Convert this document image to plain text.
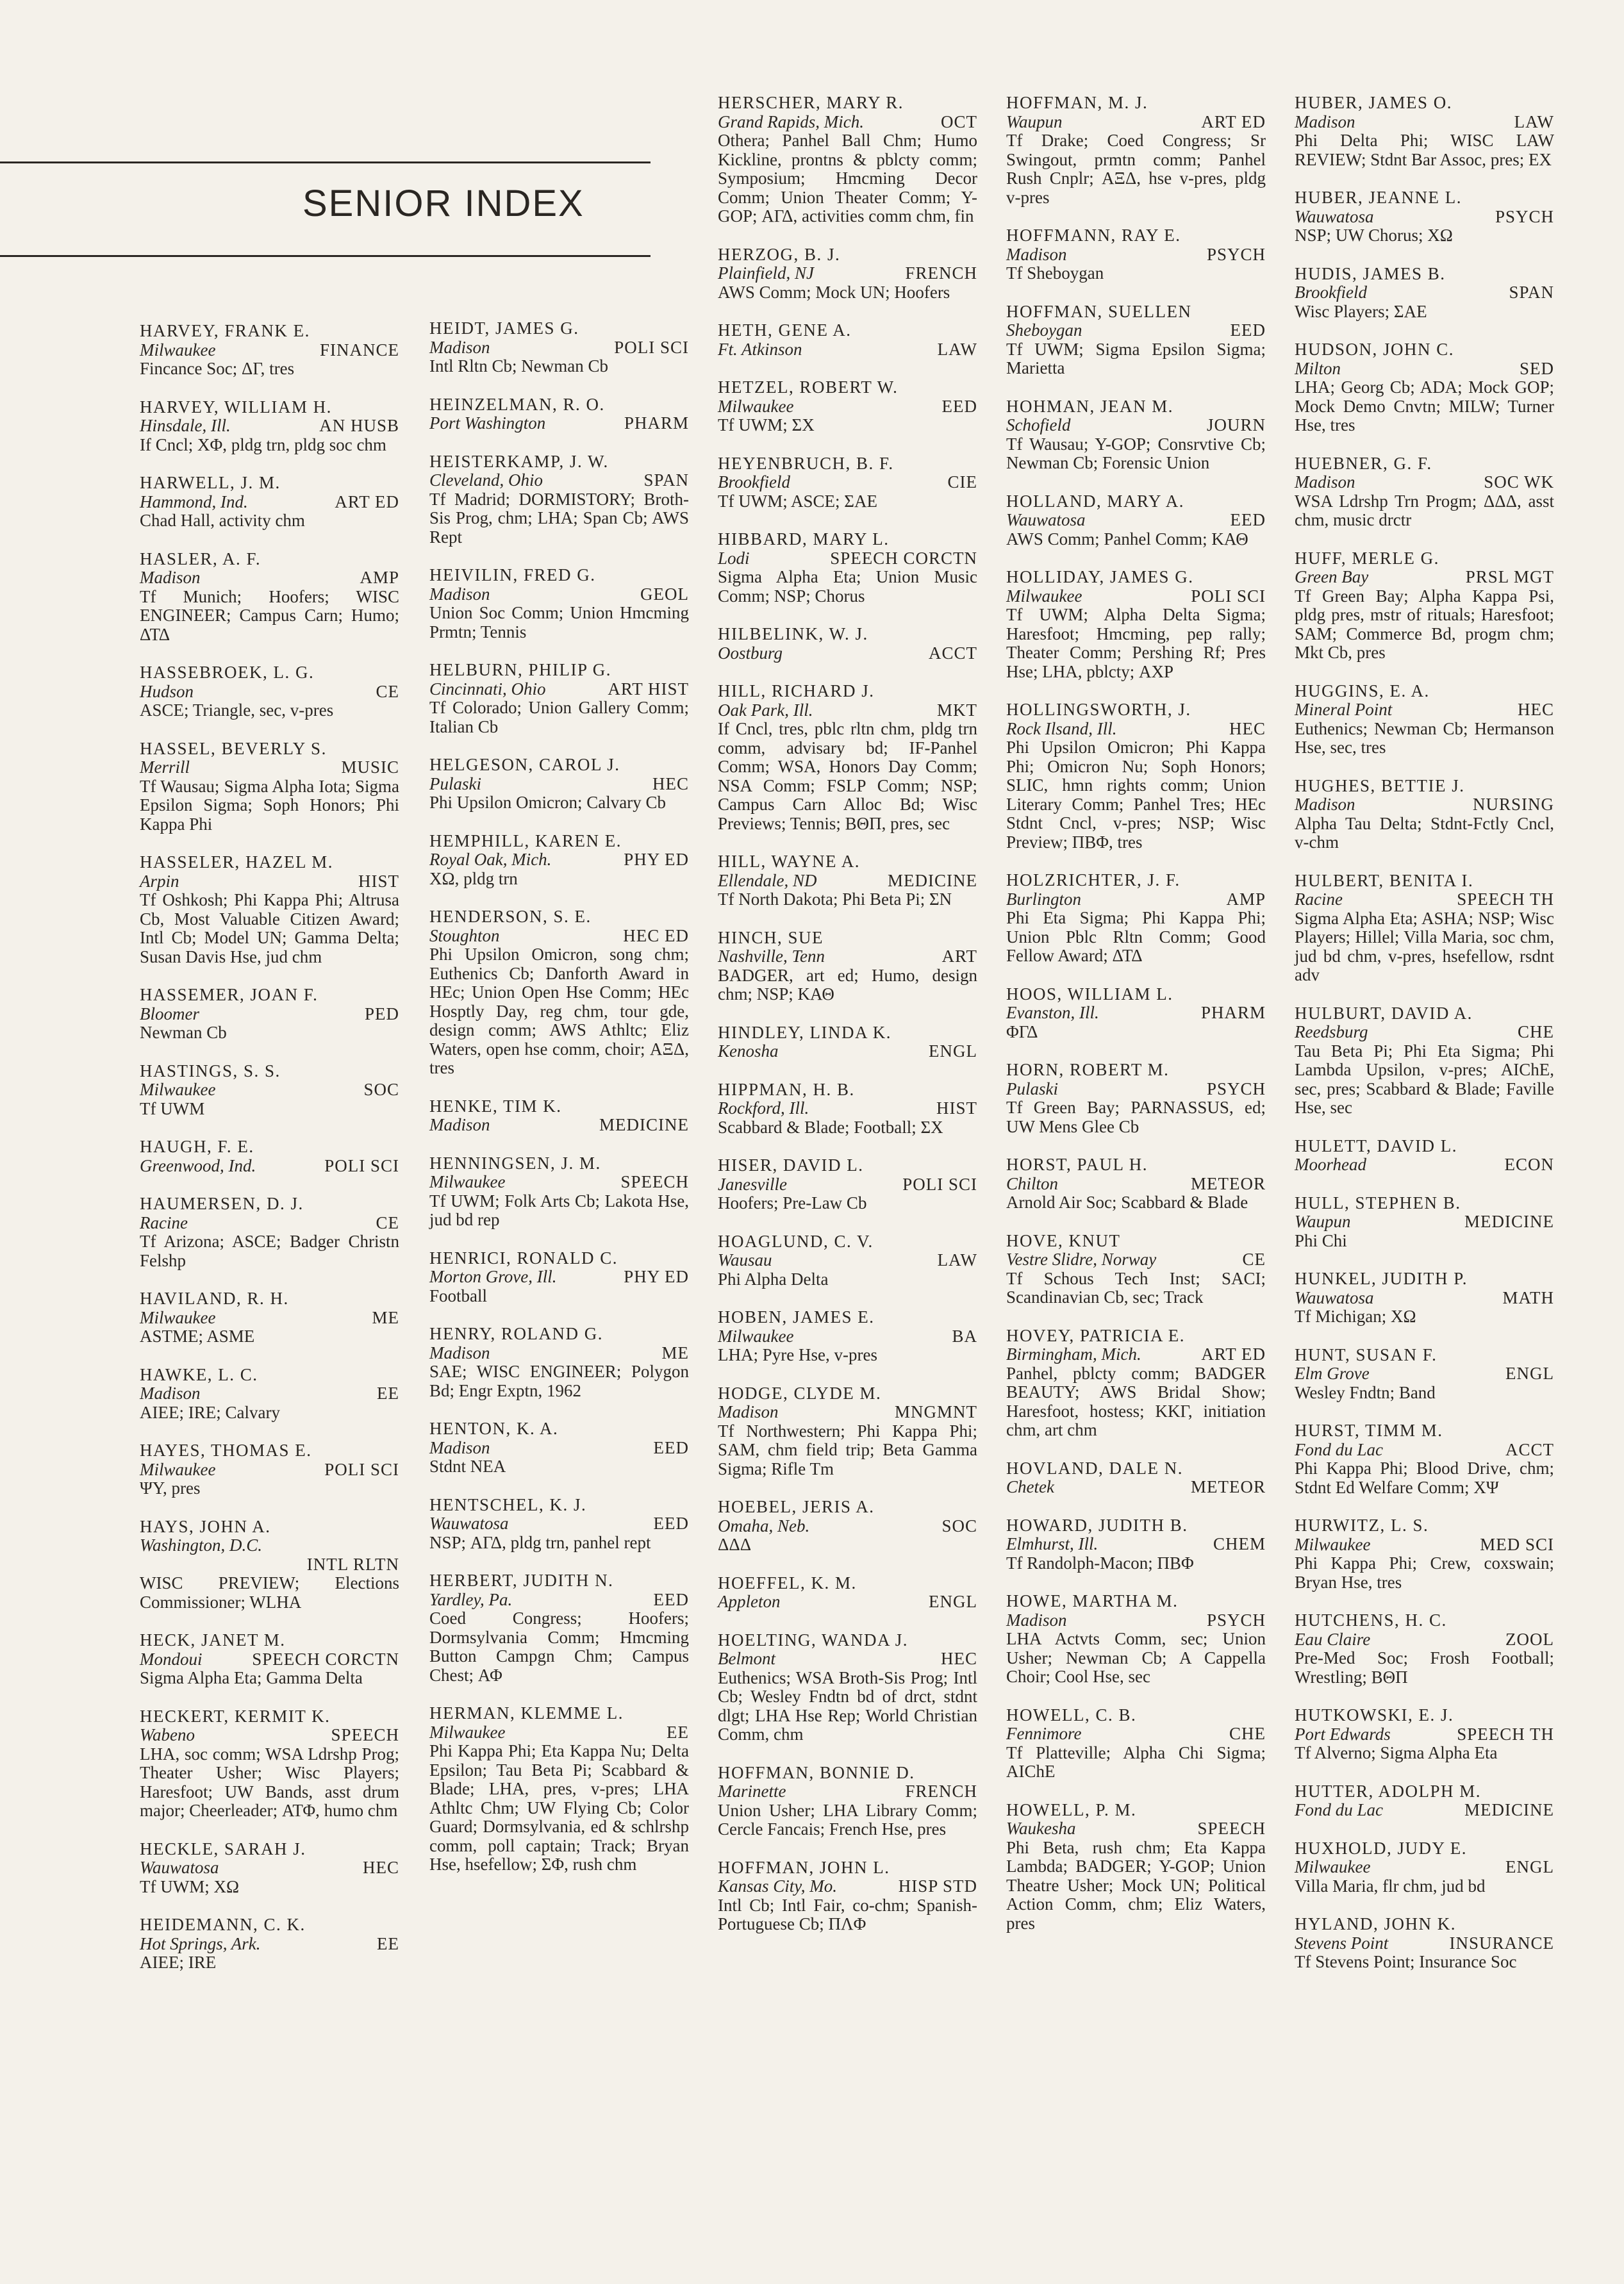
SENIOR INDEX
HARVEY, FRANK E.
Milwaukee	FINANCE
Fincance Soc; ΔΓ, tres
HARVEY, WILLIAM H.
Hinsdale, Ill.	AN HUSB
If Cncl; ΧΦ, pldg trn, pldg soc chm
HARWELL, J. M.
Hammond, Ind.	ART ED
Chad Hall, activity chm
HASLER, A. F.
Madison	AMP
Tf Munich; Hoofers; WISC ENGINEER; Campus Carn; Humo; ΔΤΔ
HASSEBROEK, L. G.
Hudson	CE
ASCE; Triangle, sec, v-pres
HASSEL, BEVERLY S.
Merrill	MUSIC
Tf Wausau; Sigma Alpha Iota; Sigma Epsilon Sigma; Soph Honors; Phi Kappa Phi
HASSELER, HAZEL M.
Arpin	HIST
Tf Oshkosh; Phi Kappa Phi; Altrusa Cb, Most Valuable Citizen Award; Intl Cb; Model UN; Gamma Delta; Susan Davis Hse, jud chm
HASSEMER, JOAN F.
Bloomer	PED
Newman Cb
HASTINGS, S. S.
Milwaukee	SOC
Tf UWM
HAUGH, F. E.
Greenwood, Ind.	POLI SCI
HAUMERSEN, D. J.
Racine	CE
Tf Arizona; ASCE; Badger Christn Felshp
HAVILAND, R. H.
Milwaukee	ME
ASTME; ASME
HAWKE, L. C.
Madison	EE
AIEE; IRE; Calvary
HAYES, THOMAS E.
Milwaukee	POLI SCI
ΨΥ, pres
HAYS, JOHN A.
Washington, D.C.
INTL RLTN
WISC PREVIEW; Elections Commissioner; WLHA
HECK, JANET M.
Mondoui	SPEECH CORCTN
Sigma Alpha Eta; Gamma Delta
HECKERT, KERMIT K.
Wabeno	SPEECH
LHA, soc comm; WSA Ldrshp Prog; Theater Usher; Wisc Players; Haresfoot; UW Bands, asst drum major; Cheerleader; ΑΤΦ, humo chm
HECKLE, SARAH J.
Wauwatosa	HEC
Tf UWM; ΧΩ
HEIDEMANN, C. K.
Hot Springs, Ark.	EE
AIEE; IRE
HEIDT, JAMES G.
Madison	POLI SCI
Intl Rltn Cb; Newman Cb
HEINZELMAN, R. O.
Port Washington	PHARM
HEISTERKAMP, J. W.
Cleveland, Ohio	SPAN
Tf Madrid; DORMISTORY; Broth-Sis Prog, chm; LHA; Span Cb; AWS Rept
HEIVILIN, FRED G.
Madison	GEOL
Union Soc Comm; Union Hmcming Prmtn; Tennis
HELBURN, PHILIP G.
Cincinnati, Ohio	ART HIST
Tf Colorado; Union Gallery Comm; Italian Cb
HELGESON, CAROL J.
Pulaski	HEC
Phi Upsilon Omicron; Calvary Cb
HEMPHILL, KAREN E.
Royal Oak, Mich.	PHY ED
ΧΩ, pldg trn
HENDERSON, S. E.
Stoughton	HEC ED
Phi Upsilon Omicron, song chm; Euthenics Cb; Danforth Award in HEc; Union Open Hse Comm; HEc Hosptly Day, reg chm, tour gde, design comm; AWS Athltc; Eliz Waters, open hse comm, choir; ΑΞΔ, tres
HENKE, TIM K.
Madison	MEDICINE
HENNINGSEN, J. M.
Milwaukee	SPEECH
Tf UWM; Folk Arts Cb; Lakota Hse, jud bd rep
HENRICI, RONALD C.
Morton Grove, Ill.	PHY ED
Football
HENRY, ROLAND G.
Madison	ME
SAE; WISC ENGINEER; Polygon Bd; Engr Exptn, 1962
HENTON, K. A.
Madison	EED
Stdnt NEA
HENTSCHEL, K. J.
Wauwatosa	EED
NSP; ΑΓΔ, pldg trn, panhel rept
HERBERT, JUDITH N.
Yardley, Pa.	EED
Coed Congress; Hoofers; Dormsylvania Comm; Hmcming Button Campgn Chm; Campus Chest; ΑΦ
HERMAN, KLEMME L.
Milwaukee	EE
Phi Kappa Phi; Eta Kappa Nu; Delta Epsilon; Tau Beta Pi; Scabbard & Blade; LHA, pres, v-pres; LHA Athltc Chm; UW Flying Cb; Color Guard; Dormsylvania, ed & schlrshp comm, poll captain; Track; Bryan Hse, hsefellow; ΣΦ, rush chm
HERSCHER, MARY R.
Grand Rapids, Mich.	OCT
Othera; Panhel Ball Chm; Humo Kickline, prontns & pblcty comm; Symposium; Hmcming Decor Comm; Union Theater Comm; Y-GOP; ΑΓΔ, activities comm chm, fin
HERZOG, B. J.
Plainfield, NJ	FRENCH
AWS Comm; Mock UN; Hoofers
HETH, GENE A.
Ft. Atkinson	LAW
HETZEL, ROBERT W.
Milwaukee	EED
Tf UWM; ΣΧ
HEYENBRUCH, B. F.
Brookfield	CIE
Tf UWM; ASCE; ΣΑΕ
HIBBARD, MARY L.
Lodi	SPEECH CORCTN
Sigma Alpha Eta; Union Music Comm; NSP; Chorus
HILBELINK, W. J.
Oostburg	ACCT
HILL, RICHARD J.
Oak Park, Ill.	MKT
If Cncl, tres, pblc rltn chm, pldg trn comm, advisary bd; IF-Panhel Comm; WSA, Honors Day Comm; NSA Comm; FSLP Comm; NSP; Campus Carn Alloc Bd; Wisc Previews; Tennis; ΒΘΠ, pres, sec
HILL, WAYNE A.
Ellendale, ND	MEDICINE
Tf North Dakota; Phi Beta Pi; ΣΝ
HINCH, SUE
Nashville, Tenn	ART
BADGER, art ed; Humo, design chm; NSP; ΚΑΘ
HINDLEY, LINDA K.
Kenosha	ENGL
HIPPMAN, H. B.
Rockford, Ill.	HIST
Scabbard & Blade; Football; ΣΧ
HISER, DAVID L.
Janesville	POLI SCI
Hoofers; Pre-Law Cb
HOAGLUND, C. V.
Wausau	LAW
Phi Alpha Delta
HOBEN, JAMES E.
Milwaukee	BA
LHA; Pyre Hse, v-pres
HODGE, CLYDE M.
Madison	MNGMNT
Tf Northwestern; Phi Kappa Phi; SAM, chm field trip; Beta Gamma Sigma; Rifle Tm
HOEBEL, JERIS A.
Omaha, Neb.	SOC
ΔΔΔ
HOEFFEL, K. M.
Appleton	ENGL
HOELTING, WANDA J.
Belmont	HEC
Euthenics; WSA Broth-Sis Prog; Intl Cb; Wesley Fndtn bd of drct, stdnt dlgt; LHA Hse Rep; World Christian Comm, chm
HOFFMAN, BONNIE D.
Marinette	FRENCH
Union Usher; LHA Library Comm; Cercle Fancais; French Hse, pres
HOFFMAN, JOHN L.
Kansas City, Mo.	HISP STD
Intl Cb; Intl Fair, co-chm; Spanish-Portuguese Cb; ΠΛΦ
HOFFMAN, M. J.
Waupun	ART ED
Tf Drake; Coed Congress; Sr Swingout, prmtn comm; Panhel Rush Cnplr; ΑΞΔ, hse v-pres, pldg v-pres
HOFFMANN, RAY E.
Madison	PSYCH
Tf Sheboygan
HOFFMAN, SUELLEN
Sheboygan	EED
Tf UWM; Sigma Epsilon Sigma; Marietta
HOHMAN, JEAN M.
Schofield	JOURN
Tf Wausau; Y-GOP; Consrvtive Cb; Newman Cb; Forensic Union
HOLLAND, MARY A.
Wauwatosa	EED
AWS Comm; Panhel Comm; ΚΑΘ
HOLLIDAY, JAMES G.
Milwaukee	POLI SCI
Tf UWM; Alpha Delta Sigma; Haresfoot; Hmcming, pep rally; Theater Comm; Pershing Rf; Pres Hse; LHA, pblcty; ΑΧΡ
HOLLINGSWORTH, J.
Rock Ilsand, Ill.	HEC
Phi Upsilon Omicron; Phi Kappa Phi; Omicron Nu; Soph Honors; SLIC, hmn rights comm; Union Literary Comm; Panhel Tres; HEc Stdnt Cncl, v-pres; NSP; Wisc Preview; ΠΒΦ, tres
HOLZRICHTER, J. F.
Burlington	AMP
Phi Eta Sigma; Phi Kappa Phi; Union Pblc Rltn Comm; Good Fellow Award; ΔΤΔ
HOOS, WILLIAM L.
Evanston, Ill.	PHARM
ΦΓΔ
HORN, ROBERT M.
Pulaski	PSYCH
Tf Green Bay; PARNASSUS, ed; UW Mens Glee Cb
HORST, PAUL H.
Chilton	METEOR
Arnold Air Soc; Scabbard & Blade
HOVE, KNUT
Vestre Slidre, Norway	CE
Tf Schous Tech Inst; SACI; Scandinavian Cb, sec; Track
HOVEY, PATRICIA E.
Birmingham, Mich.	ART ED
Panhel, pblcty comm; BADGER BEAUTY; AWS Bridal Show; Haresfoot, hostess; ΚΚΓ, initiation chm, art chm
HOVLAND, DALE N.
Chetek	METEOR
HOWARD, JUDITH B.
Elmhurst, Ill.	CHEM
Tf Randolph-Macon; ΠΒΦ
HOWE, MARTHA M.
Madison	PSYCH
LHA Actvts Comm, sec; Union Usher; Newman Cb; A Cappella Choir; Cool Hse, sec
HOWELL, C. B.
Fennimore	CHE
Tf Platteville; Alpha Chi Sigma; AIChE
HOWELL, P. M.
Waukesha	SPEECH
Phi Beta, rush chm; Eta Kappa Lambda; BADGER; Y-GOP; Union Theatre Usher; Mock UN; Political Action Comm, chm; Eliz Waters, pres
HUBER, JAMES O.
Madison	LAW
Phi Delta Phi; WISC LAW REVIEW; Stdnt Bar Assoc, pres; ΕΧ
HUBER, JEANNE L.
Wauwatosa	PSYCH
NSP; UW Chorus; ΧΩ
HUDIS, JAMES B.
Brookfield	SPAN
Wisc Players; ΣΑΕ
HUDSON, JOHN C.
Milton	SED
LHA; Georg Cb; ADA; Mock GOP; Mock Demo Cnvtn; MILW; Turner Hse, tres
HUEBNER, G. F.
Madison	SOC WK
WSA Ldrshp Trn Progm; ΔΔΔ, asst chm, music drctr
HUFF, MERLE G.
Green Bay	PRSL MGT
Tf Green Bay; Alpha Kappa Psi, pldg pres, mstr of rituals; Haresfoot; SAM; Commerce Bd, progm chm; Mkt Cb, pres
HUGGINS, E. A.
Mineral Point	HEC
Euthenics; Newman Cb; Hermanson Hse, sec, tres
HUGHES, BETTIE J.
Madison	NURSING
Alpha Tau Delta; Stdnt-Fctly Cncl, v-chm
HULBERT, BENITA I.
Racine	SPEECH TH
Sigma Alpha Eta; ASHA; NSP; Wisc Players; Hillel; Villa Maria, soc chm, jud bd chm, v-pres, hsefellow, rsdnt adv
HULBURT, DAVID A.
Reedsburg	CHE
Tau Beta Pi; Phi Eta Sigma; Phi Lambda Upsilon, v-pres; AIChE, sec, pres; Scabbard & Blade; Faville Hse, sec
HULETT, DAVID L.
Moorhead	ECON
HULL, STEPHEN B.
Waupun	MEDICINE
Phi Chi
HUNKEL, JUDITH P.
Wauwatosa	MATH
Tf Michigan; ΧΩ
HUNT, SUSAN F.
Elm Grove	ENGL
Wesley Fndtn; Band
HURST, TIMM M.
Fond du Lac	ACCT
Phi Kappa Phi; Blood Drive, chm; Stdnt Ed Welfare Comm; ΧΨ
HURWITZ, L. S.
Milwaukee	MED SCI
Phi Kappa Phi; Crew, coxswain; Bryan Hse, tres
HUTCHENS, H. C.
Eau Claire	ZOOL
Pre-Med Soc; Frosh Football; Wrestling; ΒΘΠ
HUTKOWSKI, E. J.
Port Edwards	SPEECH TH
Tf Alverno; Sigma Alpha Eta
HUTTER, ADOLPH M.
Fond du Lac	MEDICINE
HUXHOLD, JUDY E.
Milwaukee	ENGL
Villa Maria, flr chm, jud bd
HYLAND, JOHN K.
Stevens Point	INSURANCE
Tf Stevens Point; Insurance Soc
